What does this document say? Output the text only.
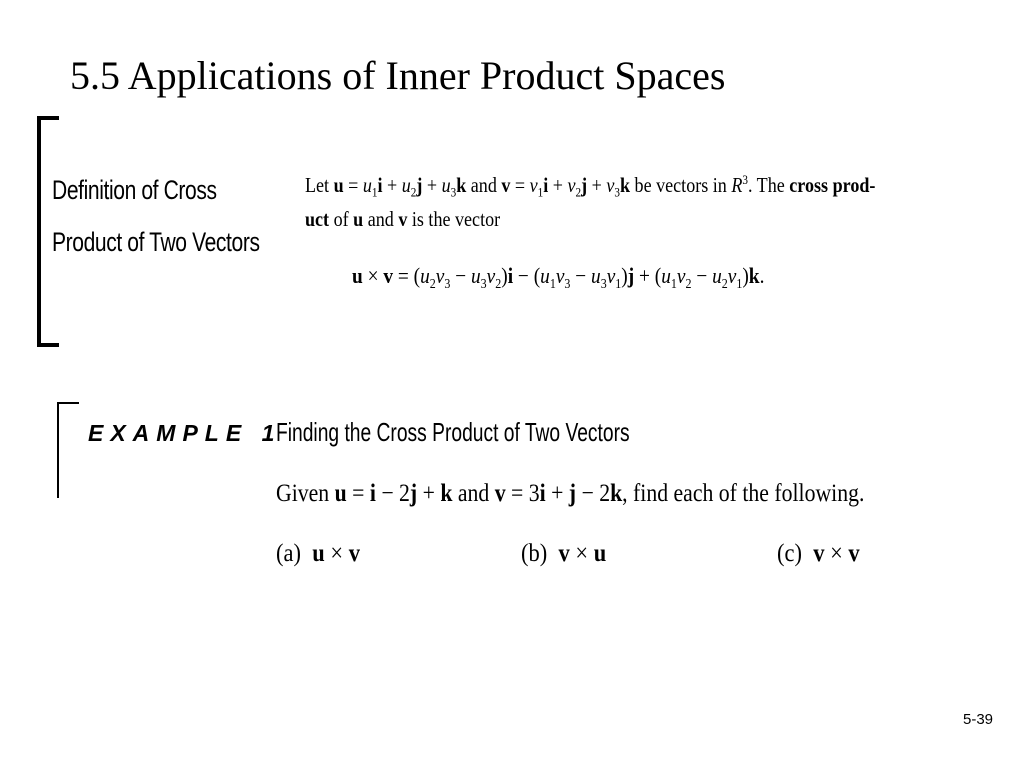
5.5 Applications of Inner Product Spaces
Definition of Cross
Product of Two Vectors
Let $u = u_1i + u_2j + u_3k$ and $v = v_1i + v_2j + v_3k$ be vectors in $R^3$. The cross prod-
uct of u and v is the vector
$u \times v = (u_2v_3 - u_3v_2)i - (u_1v_3 - u_3v_1)j + (u_1v_2 - u_2v_1)k$.
EXAMPLE 1
Finding the Cross Product of Two Vectors
Given u = i − 2j + k and v = 3i + j − 2k, find each of the following.
(a) u × v	(b) v × u	(c) v × v
5-39
